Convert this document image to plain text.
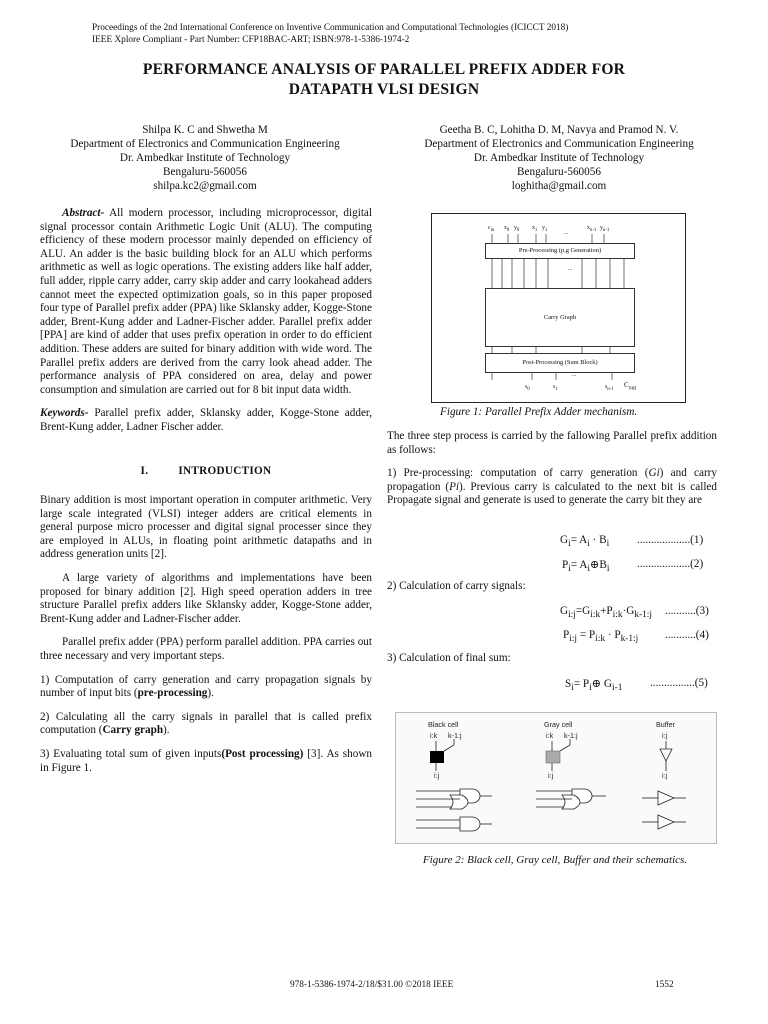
Proceedings of the 2nd International Conference on Inventive Communication and Computational Technologies (ICICCT 2018)
IEEE Xplore Compliant - Part Number: CFP18BAC-ART; ISBN:978-1-5386-1974-2
PERFORMANCE ANALYSIS OF PARALLEL PREFIX ADDER FOR
DATAPATH VLSI DESIGN
Shilpa K. C and Shwetha M
Department of Electronics and Communication Engineering
Dr. Ambedkar Institute of Technology
Bengaluru-560056
shilpa.kc2@gmail.com
Geetha B. C, Lohitha D. M, Navya and Pramod N. V.
Department of Electronics and Communication Engineering
Dr. Ambedkar Institute of Technology
Bengaluru-560056
loghitha@gmail.com

Abstract- All modern processor, including microprocessor, digital signal processor contain Arithmetic Logic Unit (ALU). The computing efficiency of these modern processor mainly depended on efficiency of ALU. An adder is the basic building block for an ALU which performs arithmetic as well as logic operations. The existing adders like half adder, full adder, ripple carry adder, carry skip adder and carry lookahead adders cannot meet the expected optimization goals, so in this paper proposed four type of Parallel prefix adder (PPA) like Sklansky adder, Kogge-Stone adder, Brent-Kung adder and Ladner-Fischer adder. Parallel prefix adder [PPA] are kind of adder that uses prefix operation in order to do efficient addition. These adders are suited for binary addition with wide word. The Parallel prefix adders are derived from the carry look ahead adder. The performance analysis of PPA considered on area, delay and power consumption and simulation are carried out for 8 bit input data width.

Keywords- Parallel prefix adder, Sklansky adder, Kogge-Stone adder, Brent-Kung adder, Ladner Fischer adder.

I.	INTRODUCTION

Binary addition is most important operation in computer arithmetic. Very large scale integrated (VLSI) integer adders are critical elements in general purpose micro processer and digital signal processer since they are employed in ALUs, in floating point arithmetic datapaths and in address generation units [2].

A large variety of algorithms and implementations have been proposed for binary addition [2]. High speed operation adders in tree structure Parallel prefix adders like Sklansky adder, Kogge-Stone adder, Brent-Kung adder and Ladner-Fischer adder.

Parallel prefix adder (PPA) perform parallel addition. PPA carries out three necessary and very important steps.

1) Computation of carry generation and carry propagation signals by number of input bits (pre-processing).

2) Calculating all the carry signals in parallel that is called prefix computation (Carry graph).

3) Evaluating total sum of given inputs(Post processing) [3]. As shown in Figure 1.

$c_{in}$ $x_0$ $y_0$ $x_1$ $y_1$	...
$x_{n-1}$ $y_{n-1}$
Pre-Processing (p,g Generation)
...
Carry Graph
Post-Processing (Sum Block)
...
$s_0$	$s_1$	$s_{n-1}$
$C_{out}$
Figure 1: Parallel Prefix Adder mechanism.

The three step process is carried by the fallowing Parallel prefix addition as follows:

1) Pre-processing: computation of carry generation (Gi) and carry propagation (Pi). Previous carry is calculated to the next bit is called Propagate signal and generate is used to generate the carry bit they are

$G_i= A_i \cdot B_i$ ...................(1)
$P_i=$ $A_i\oplus B_i$ ...................(2)
2) Calculation of carry signals:
$G_{i:j}=G_{i:k}+P_{i:k}\cdot G_{k-1:j}$ ...........(3)
$P_{i:j} = P_{i:k} \cdot P_{k-1:j}$ ...........(4)
3) Calculation of final sum:
$S_i=$ $P_i\oplus$ $G_{i-1}$ ................(5)
Black cell	Gray cell	Buffer
i:k k-1:j	i:k k-1:j	i:j
i:j	i:j	i:j
Figure 2: Black cell, Gray cell, Buffer and their schematics.
978-1-5386-1974-2/18/$31.00 ©2018 IEEE	1552
